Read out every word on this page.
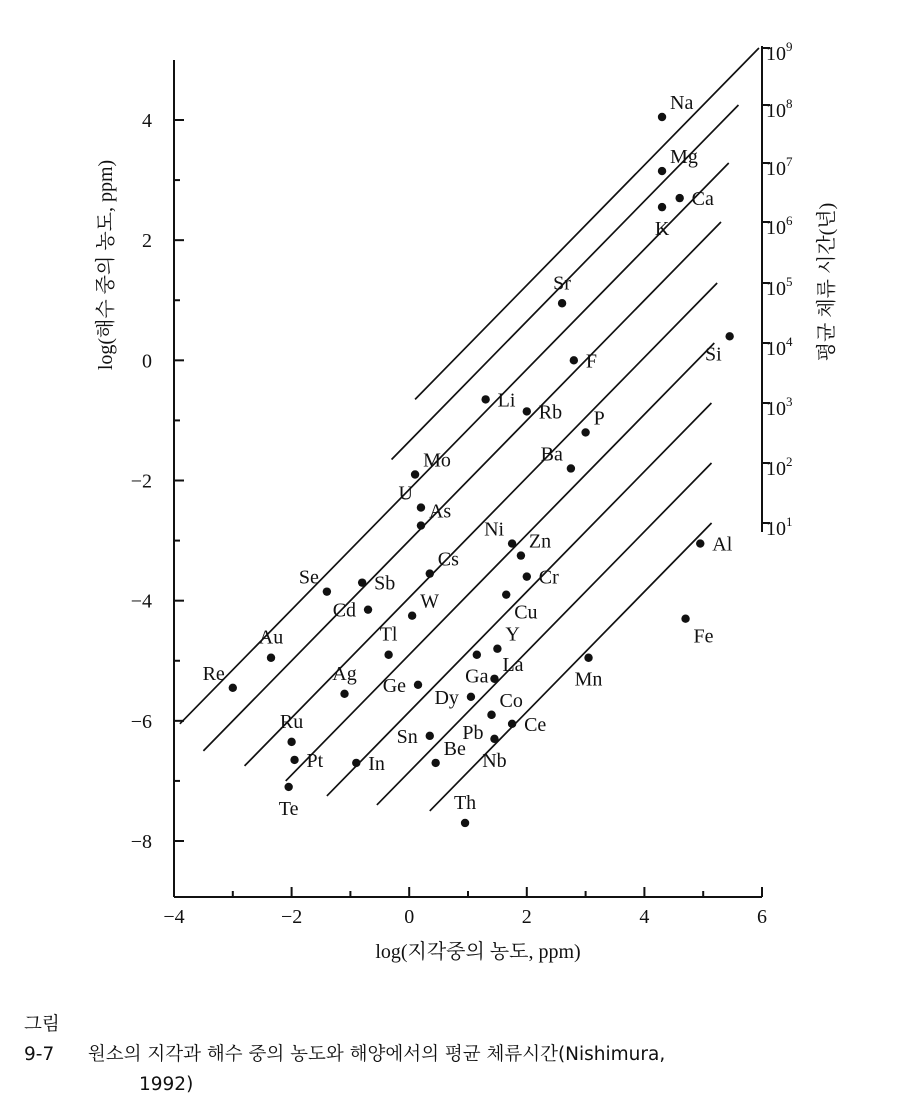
−8
−6
−4
−2
0
2
4
−4	−2	0	2	4	6
$10^9$
$10^8$
$10^7$
$10^6$
$10^5$
$10^4$
$10^3$
$10^2$
$10^1$
Na
Mg
Ca
K
Sr
Si
F
Li
Rb P
Ba
Mo
U
As
Ni
Zn	Al
Cs
Cr
Se	Sb
Cu
Cd	W
Fe
Y
Tl
Au
Ga	Mn
La
Ge
Re	Ag
Dy Co
Pb Ce
Sn
Nb
Ru
Be
In
Pt
Te	Th
log(지각중의 농도, ppm)
log(해수 중의 농도, ppm)	평균 체류 시간(년)
그림 9-7 원소의 지각과 해수 중의 농도와 해양에서의 평균 체류시간(Nishimura,
1992)
